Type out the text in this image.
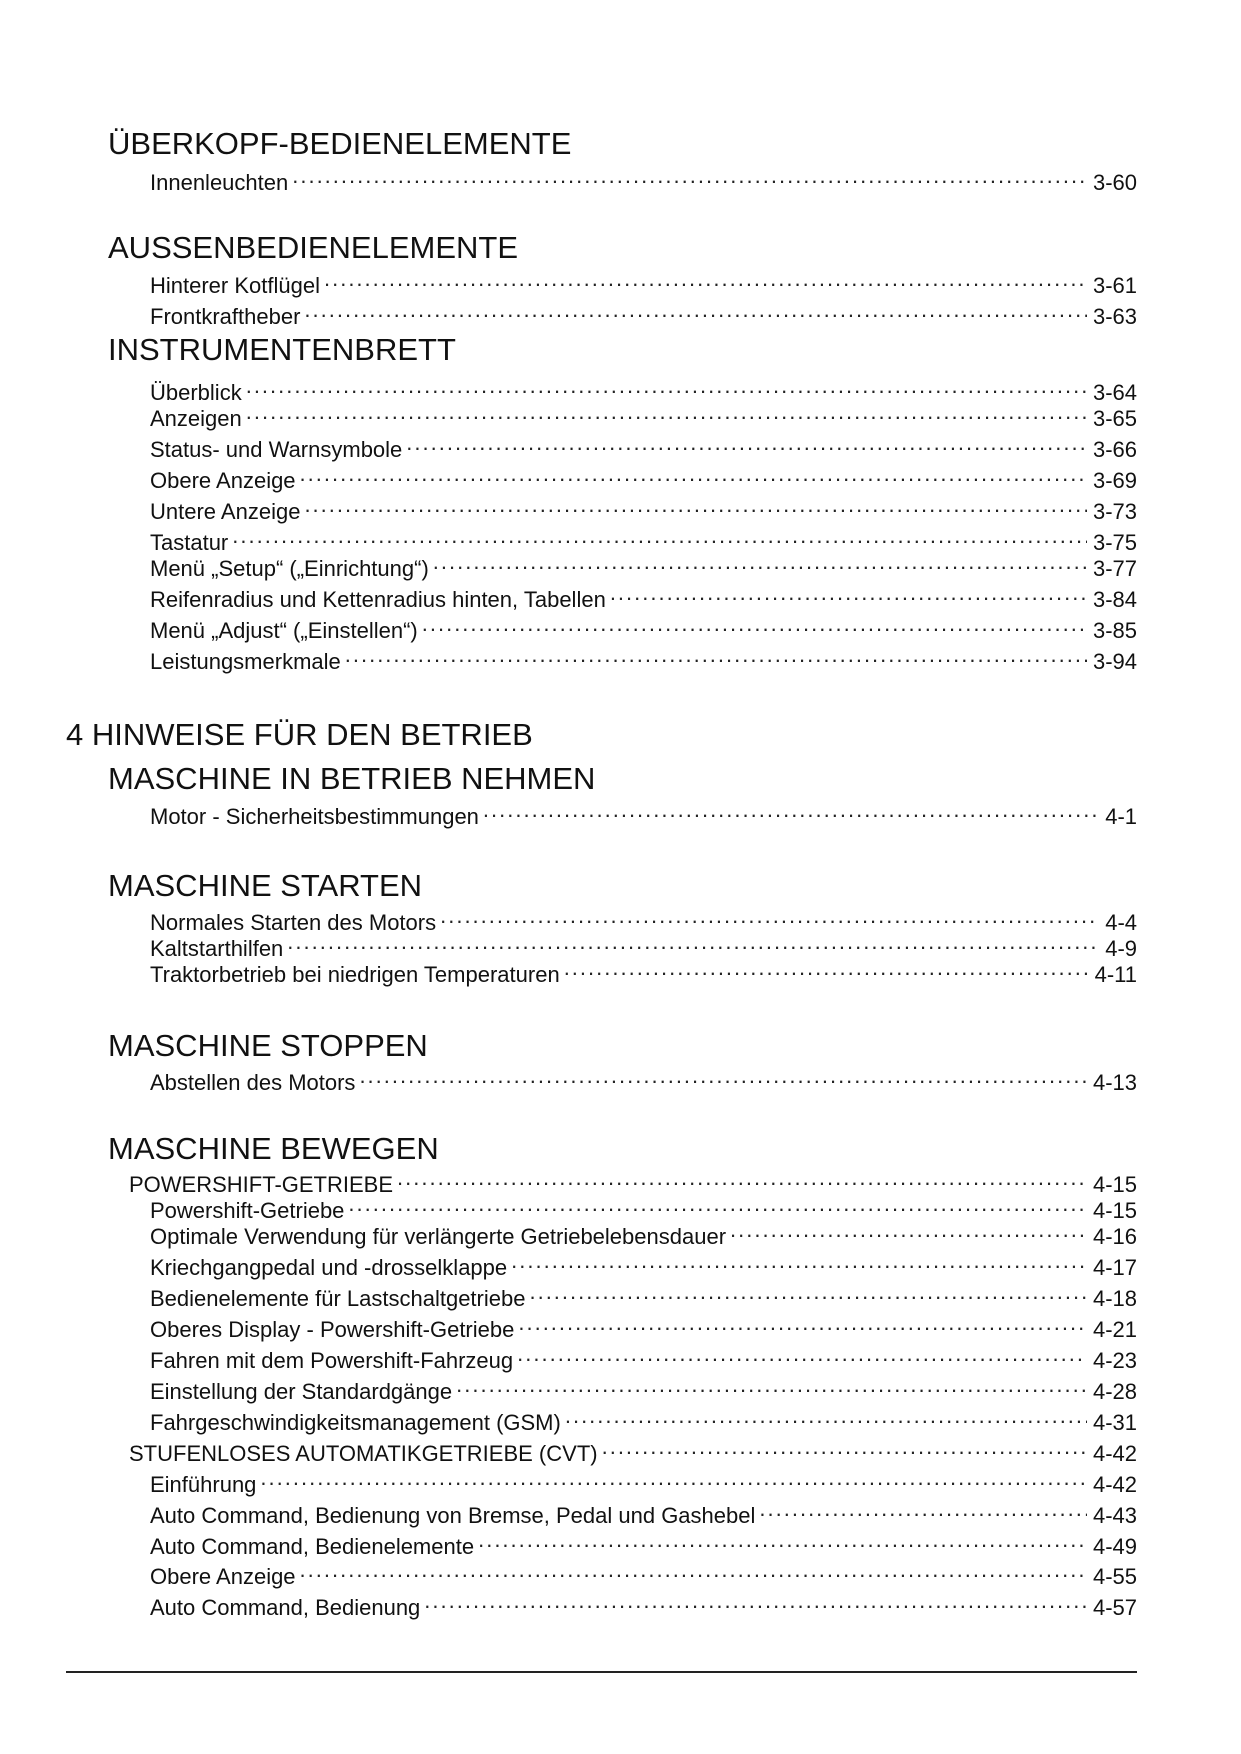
ÜBERKOPF-BEDIENELEMENTE
Innenleuchten .....	3-60
AUSSENBEDIENELEMENTE
Hinterer Kotflügel .....	3-61
Frontkraftheber .....	3-63
INSTRUMENTENBRETT
Überblick .....	3-64
Anzeigen .....	3-65
Status- und Warnsymbole .....	3-66
Obere Anzeige .....	3-69
Untere Anzeige .....	3-73
Tastatur .....	3-75
Menü „Setup“ („Einrichtung“) .....	3-77
Reifenradius und Kettenradius hinten, Tabellen .....	3-84
Menü „Adjust“ („Einstellen“) .....	3-85
Leistungsmerkmale .....	3-94
4 HINWEISE FÜR DEN BETRIEB
MASCHINE IN BETRIEB NEHMEN
Motor - Sicherheitsbestimmungen .....	4-1
MASCHINE STARTEN
Normales Starten des Motors .....	4-4
Kaltstarthilfen .....	4-9
Traktorbetrieb bei niedrigen Temperaturen .....	4-11
MASCHINE STOPPEN
Abstellen des Motors .....	4-13
MASCHINE BEWEGEN
POWERSHIFT-GETRIEBE .....	4-15
Powershift-Getriebe .....	4-15
Optimale Verwendung für verlängerte Getriebelebensdauer .....	4-16
Kriechgangpedal und -drosselklappe .....	4-17
Bedienelemente für Lastschaltgetriebe .....	4-18
Oberes Display - Powershift-Getriebe .....	4-21
Fahren mit dem Powershift-Fahrzeug .....	4-23
Einstellung der Standardgänge .....	4-28
Fahrgeschwindigkeitsmanagement (GSM) .....	4-31
STUFENLOSES AUTOMATIKGETRIEBE (CVT) .....	4-42
Einführung .....	4-42
Auto Command, Bedienung von Bremse, Pedal und Gashebel .....	4-43
Auto Command, Bedienelemente .....	4-49
Obere Anzeige .....	4-55
Auto Command, Bedienung .....	4-57
